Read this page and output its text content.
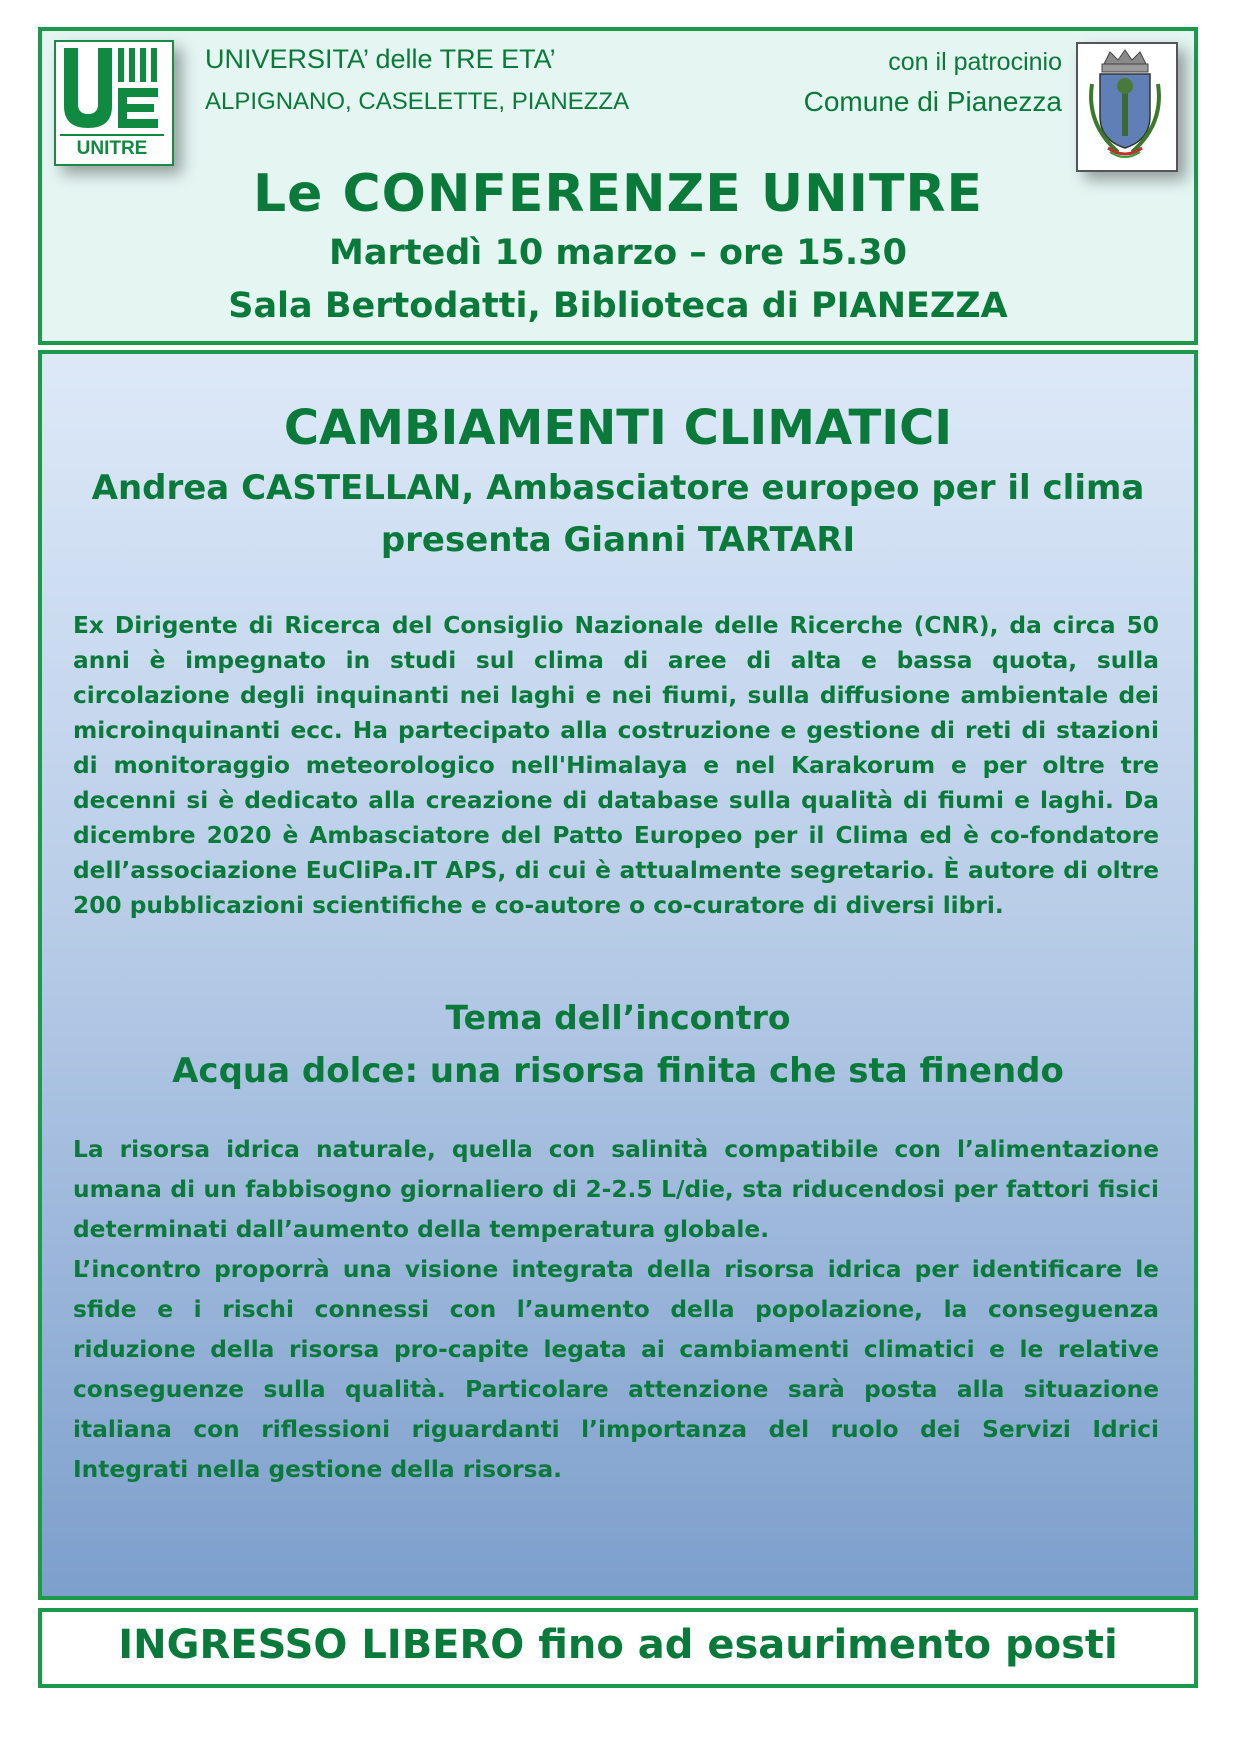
UNITRE
UNIVERSITA’ delle TRE ETA’
ALPIGNANO, CASELETTE, PIANEZZA
con il patrocinio
Comune di Pianezza
Le CONFERENZE UNITRE
Martedì 10 marzo – ore 15.30
Sala Bertodatti, Biblioteca di PIANEZZA
CAMBIAMENTI CLIMATICI
Andrea CASTELLAN, Ambasciatore europeo per il clima
presenta Gianni TARTARI
Ex Dirigente di Ricerca del Consiglio Nazionale delle Ricerche (CNR), da circa 50 anni è impegnato in studi sul clima di aree di alta e bassa quota, sulla circolazione degli inquinanti nei laghi e nei fiumi, sulla diffusione ambientale dei microinquinanti ecc. Ha partecipato alla costruzione e gestione di reti di stazioni di monitoraggio meteorologico nell'Himalaya e nel Karakorum e per oltre tre decenni si è dedicato alla creazione di database sulla qualità di fiumi e laghi. Da dicembre 2020 è Ambasciatore del Patto Europeo per il Clima ed è co-fondatore dell’associazione EuCliPa.IT APS, di cui è attualmente segretario. È autore di oltre 200 pubblicazioni scientifiche e co-autore o co-curatore di diversi libri.
Tema dell’incontro
Acqua dolce: una risorsa finita che sta finendo
La risorsa idrica naturale, quella con salinità compatibile con l’alimentazione umana di un fabbisogno giornaliero di 2-2.5 L/die, sta riducendosi per fattori fisici determinati dall’aumento della temperatura globale.
L’incontro proporrà una visione integrata della risorsa idrica per identificare le sfide e i rischi connessi con l’aumento della popolazione, la conseguenza riduzione della risorsa pro-capite legata ai cambiamenti climatici e le relative conseguenze sulla qualità. Particolare attenzione sarà posta alla situazione italiana con riflessioni riguardanti l’importanza del ruolo dei Servizi Idrici Integrati nella gestione della risorsa.
INGRESSO LIBERO fino ad esaurimento posti
